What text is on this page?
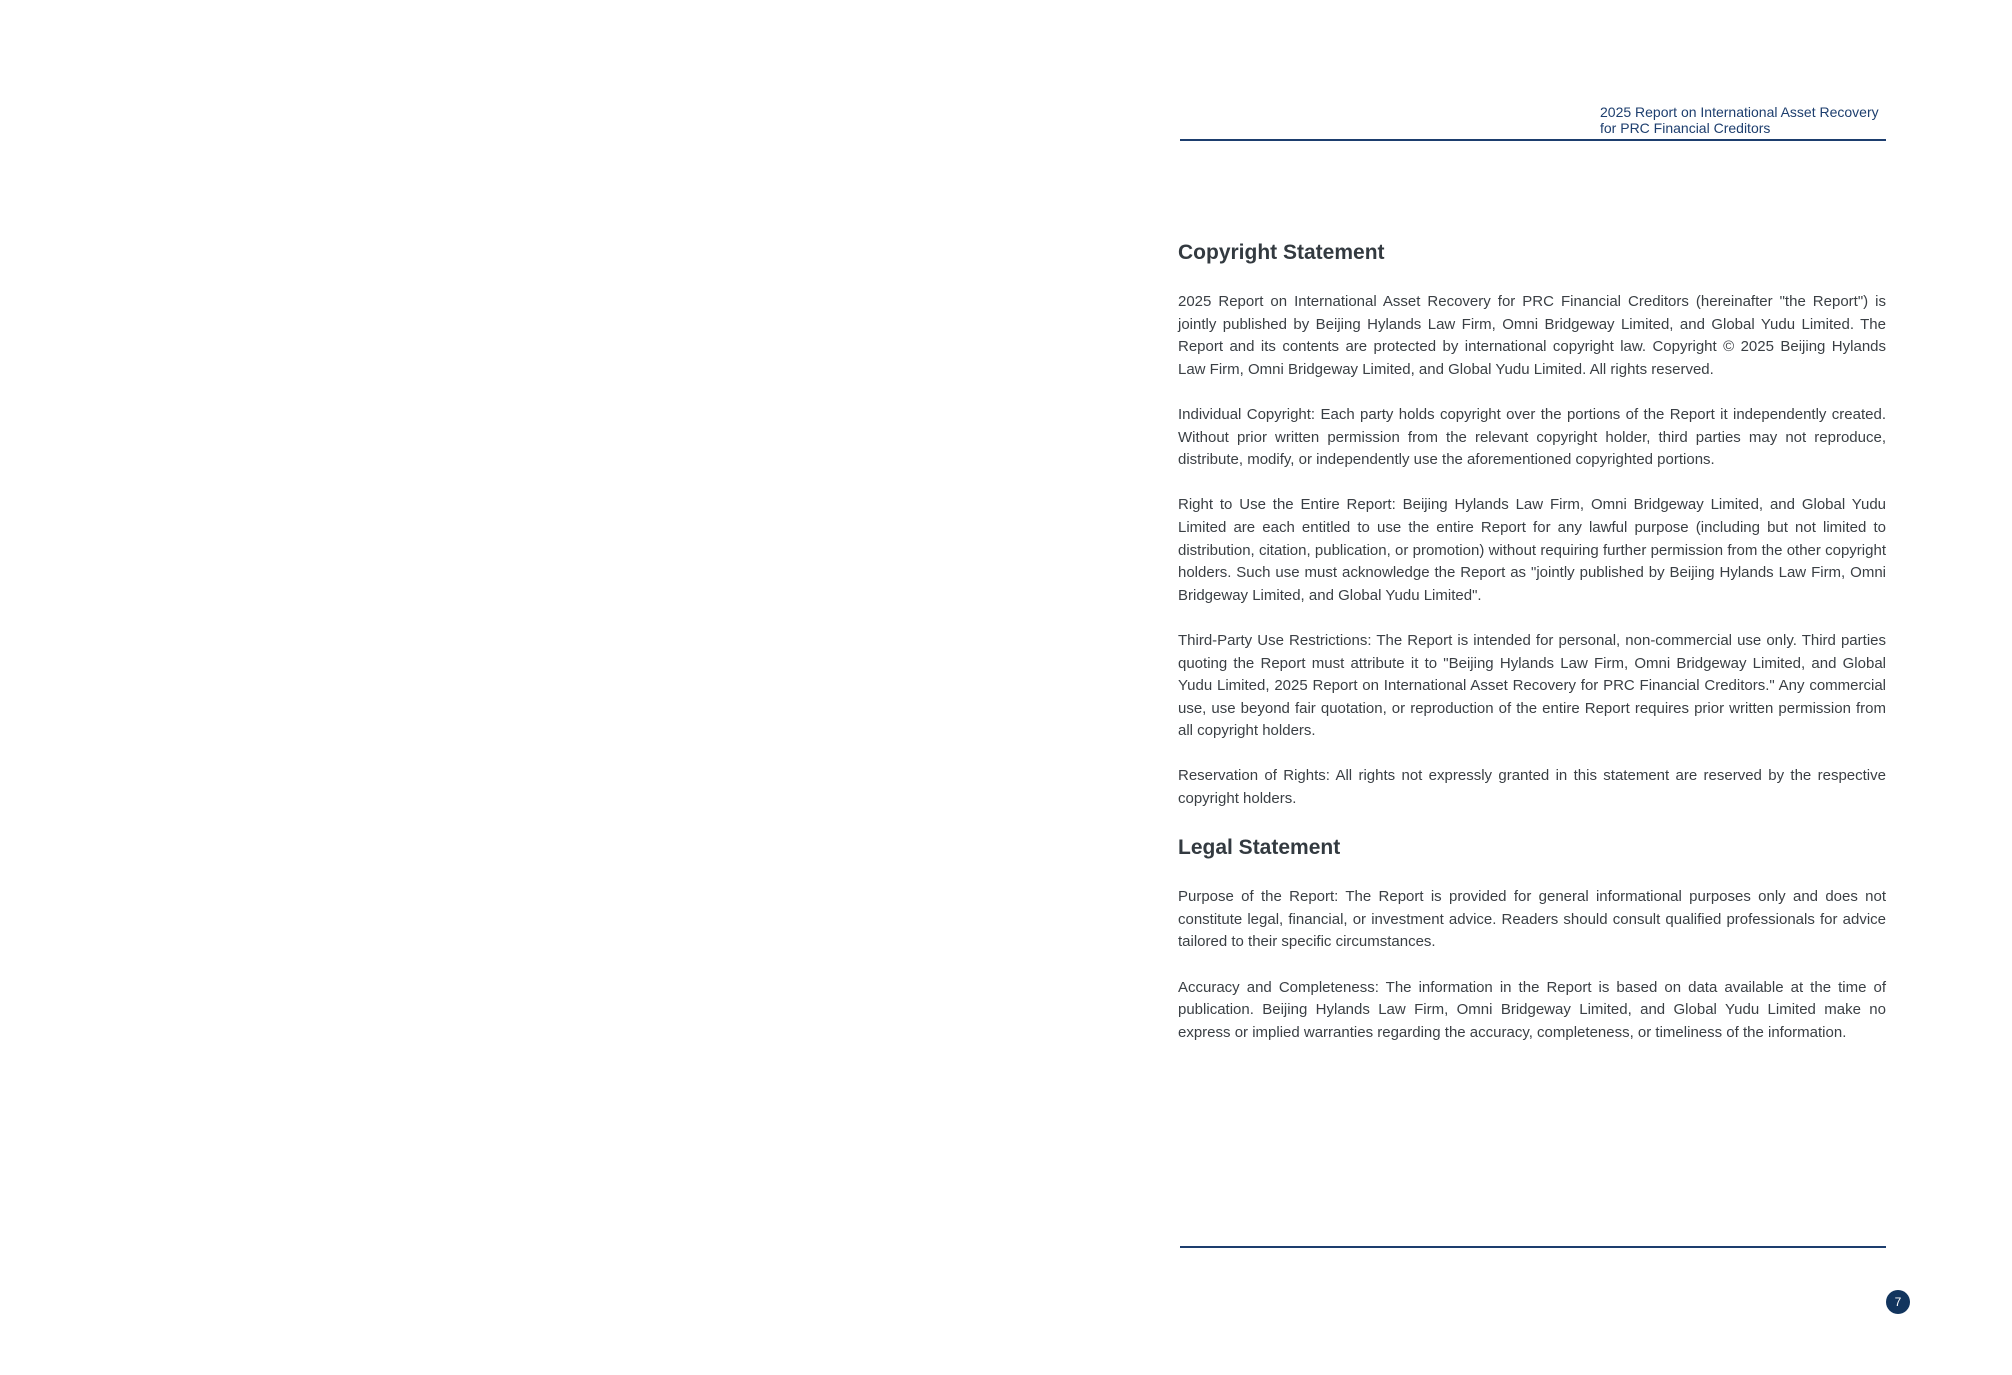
2025 Report on International Asset Recovery
for PRC Financial Creditors
Copyright Statement

2025 Report on International Asset Recovery for PRC Financial Creditors (hereinafter "the Report") is jointly published by Beijing Hylands Law Firm, Omni Bridgeway Limited, and Global Yudu Limited. The Report and its contents are protected by international copyright law. Copyright © 2025 Beijing Hylands Law Firm, Omni Bridgeway Limited, and Global Yudu Limited. All rights reserved.

Individual Copyright: Each party holds copyright over the portions of the Report it independently created. Without prior written permission from the relevant copyright holder, third parties may not reproduce, distribute, modify, or independently use the aforementioned copyrighted portions.

Right to Use the Entire Report: Beijing Hylands Law Firm, Omni Bridgeway Limited, and Global Yudu Limited are each entitled to use the entire Report for any lawful purpose (including but not limited to distribution, citation, publication, or promotion) without requiring further permission from the other copyright holders. Such use must acknowledge the Report as "jointly published by Beijing Hylands Law Firm, Omni Bridgeway Limited, and Global Yudu Limited".

Third-Party Use Restrictions: The Report is intended for personal, non-commercial use only. Third parties quoting the Report must attribute it to "Beijing Hylands Law Firm, Omni Bridgeway Limited, and Global Yudu Limited, 2025 Report on International Asset Recovery for PRC Financial Creditors." Any commercial use, use beyond fair quotation, or reproduction of the entire Report requires prior written permission from all copyright holders.

Reservation of Rights: All rights not expressly granted in this statement are reserved by the respective copyright holders.

Legal Statement

Purpose of the Report: The Report is provided for general informational purposes only and does not constitute legal, financial, or investment advice. Readers should consult qualified professionals for advice tailored to their specific circumstances.

Accuracy and Completeness: The information in the Report is based on data available at the time of publication. Beijing Hylands Law Firm, Omni Bridgeway Limited, and Global Yudu Limited make no express or implied warranties regarding the accuracy, completeness, or timeliness of the information.

7
